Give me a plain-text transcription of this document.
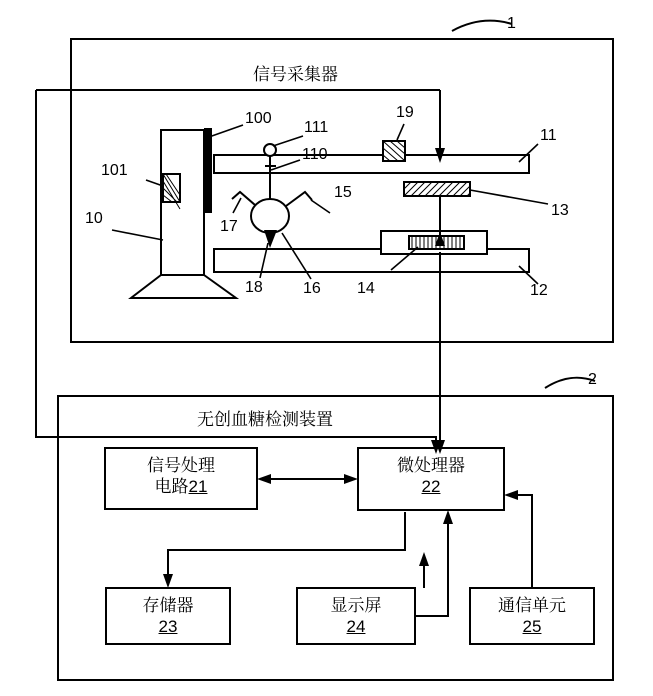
1
2
信号采集器
无创血糖检测装置
100
111
110
19
11
13
101
10	17
15
18	16 14	12
信号处理
电路21
微处理器
22
存储器
23
显示屏
24
通信单元
25
